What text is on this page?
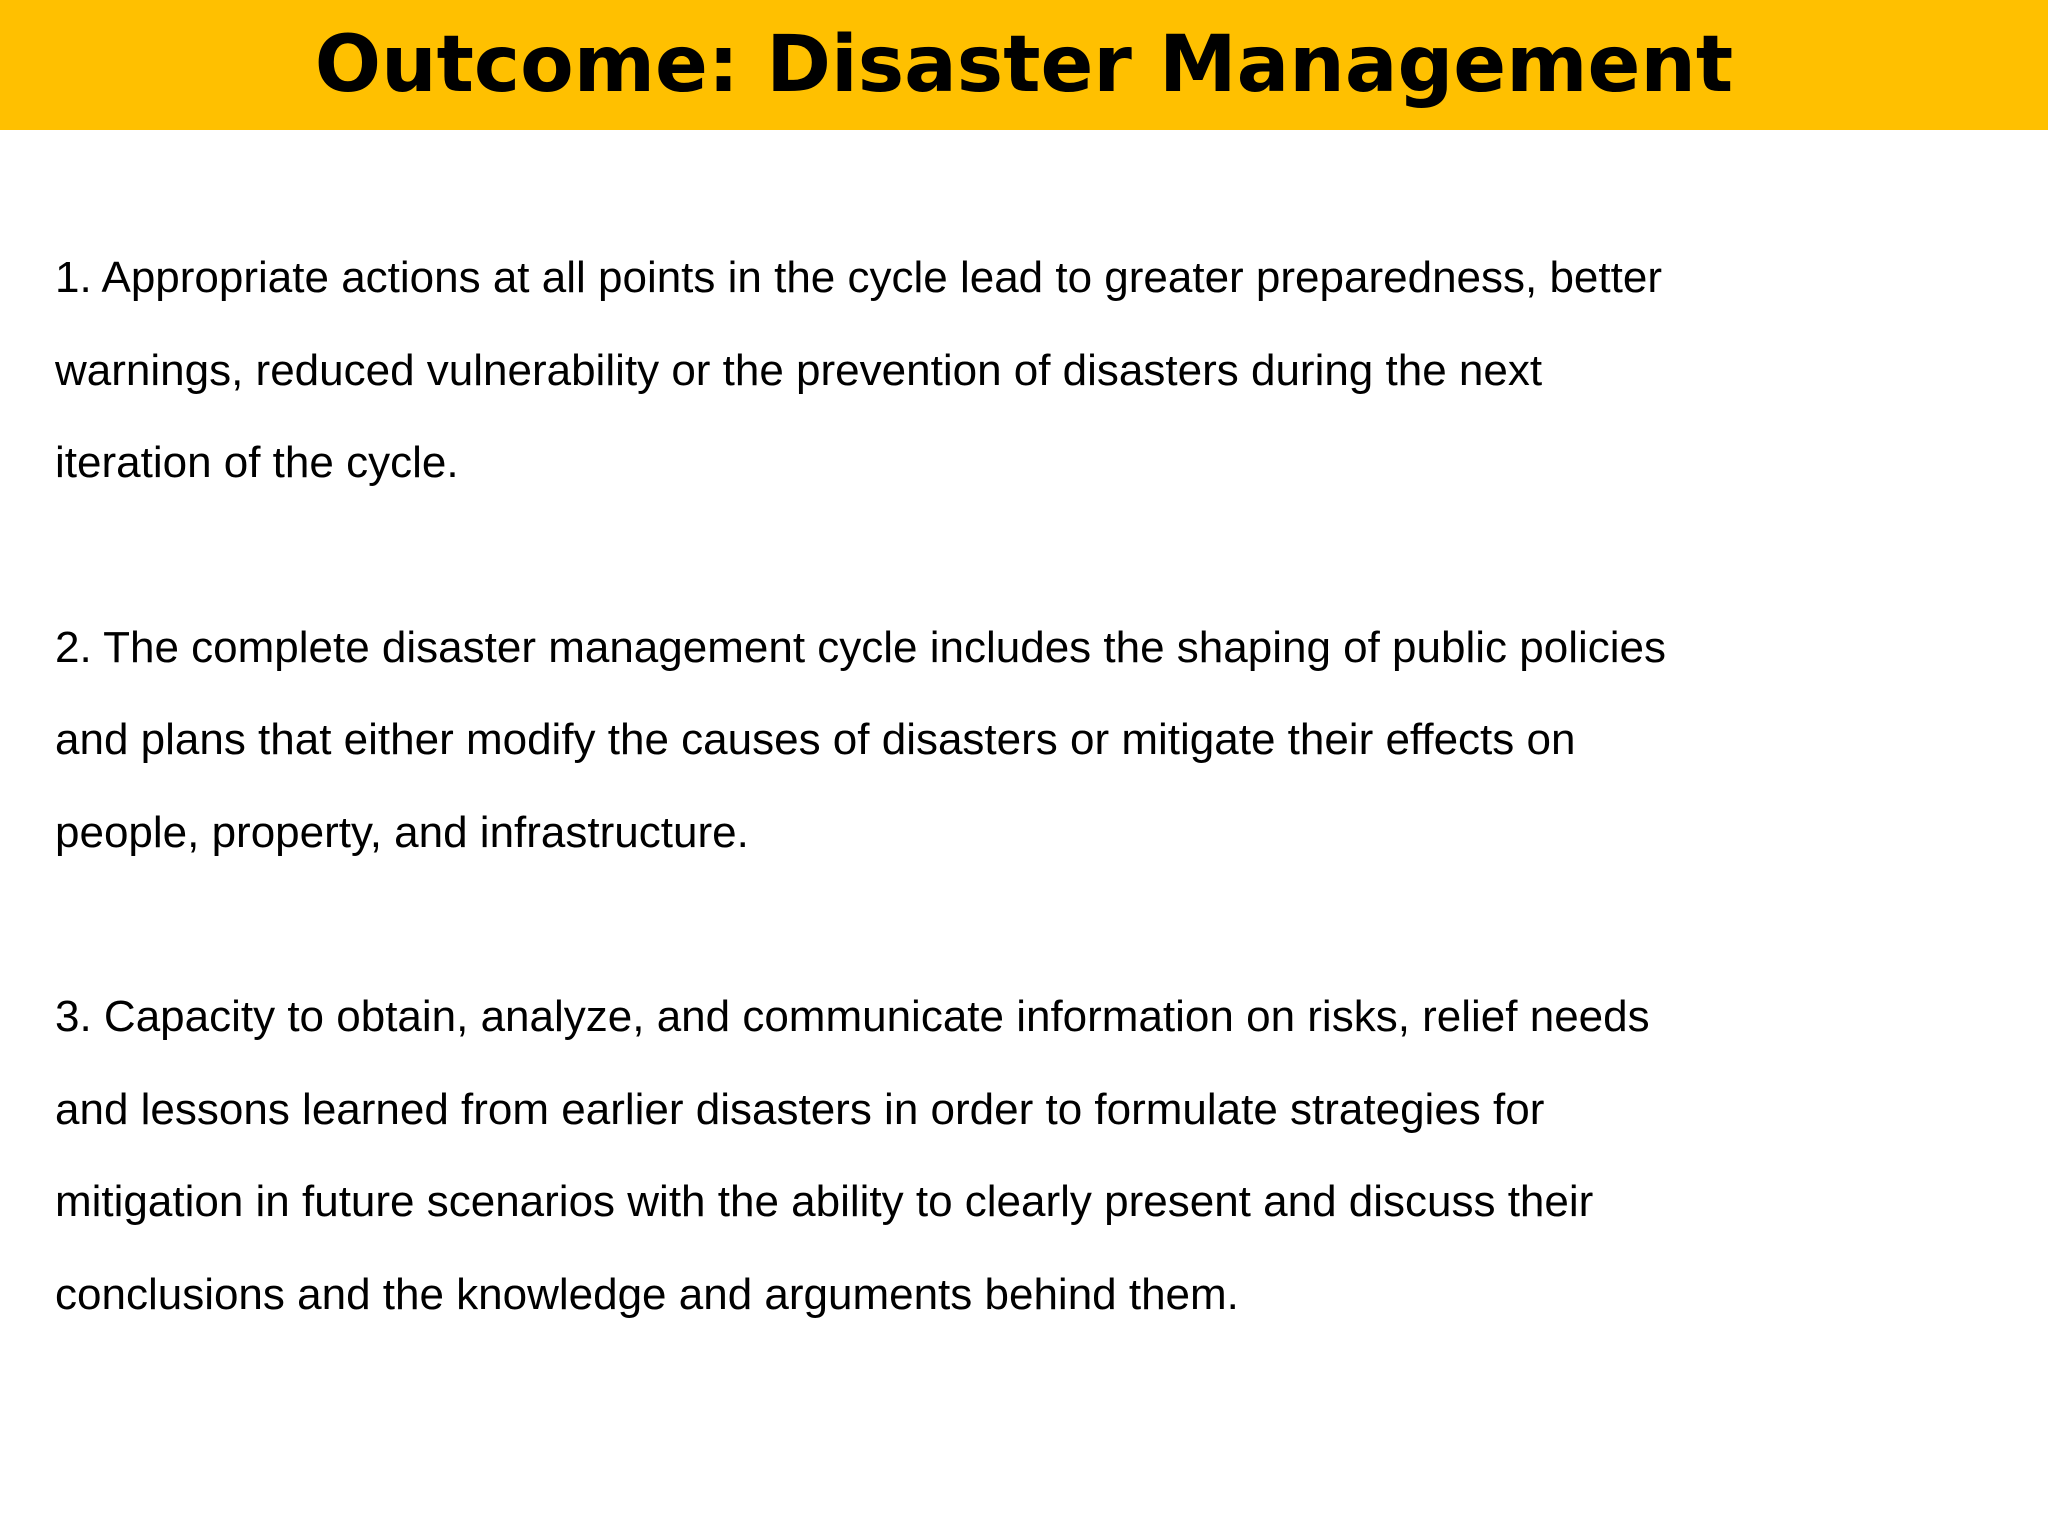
Outcome: Disaster Management

1. Appropriate actions at all points in the cycle lead to greater preparedness, better
warnings, reduced vulnerability or the prevention of disasters during the next
iteration of the cycle.

2. The complete disaster management cycle includes the shaping of public policies
and plans that either modify the causes of disasters or mitigate their effects on
people, property, and infrastructure.

3. Capacity to obtain, analyze, and communicate information on risks, relief needs
and lessons learned from earlier disasters in order to formulate strategies for
mitigation in future scenarios with the ability to clearly present and discuss their
conclusions and the knowledge and arguments behind them.
